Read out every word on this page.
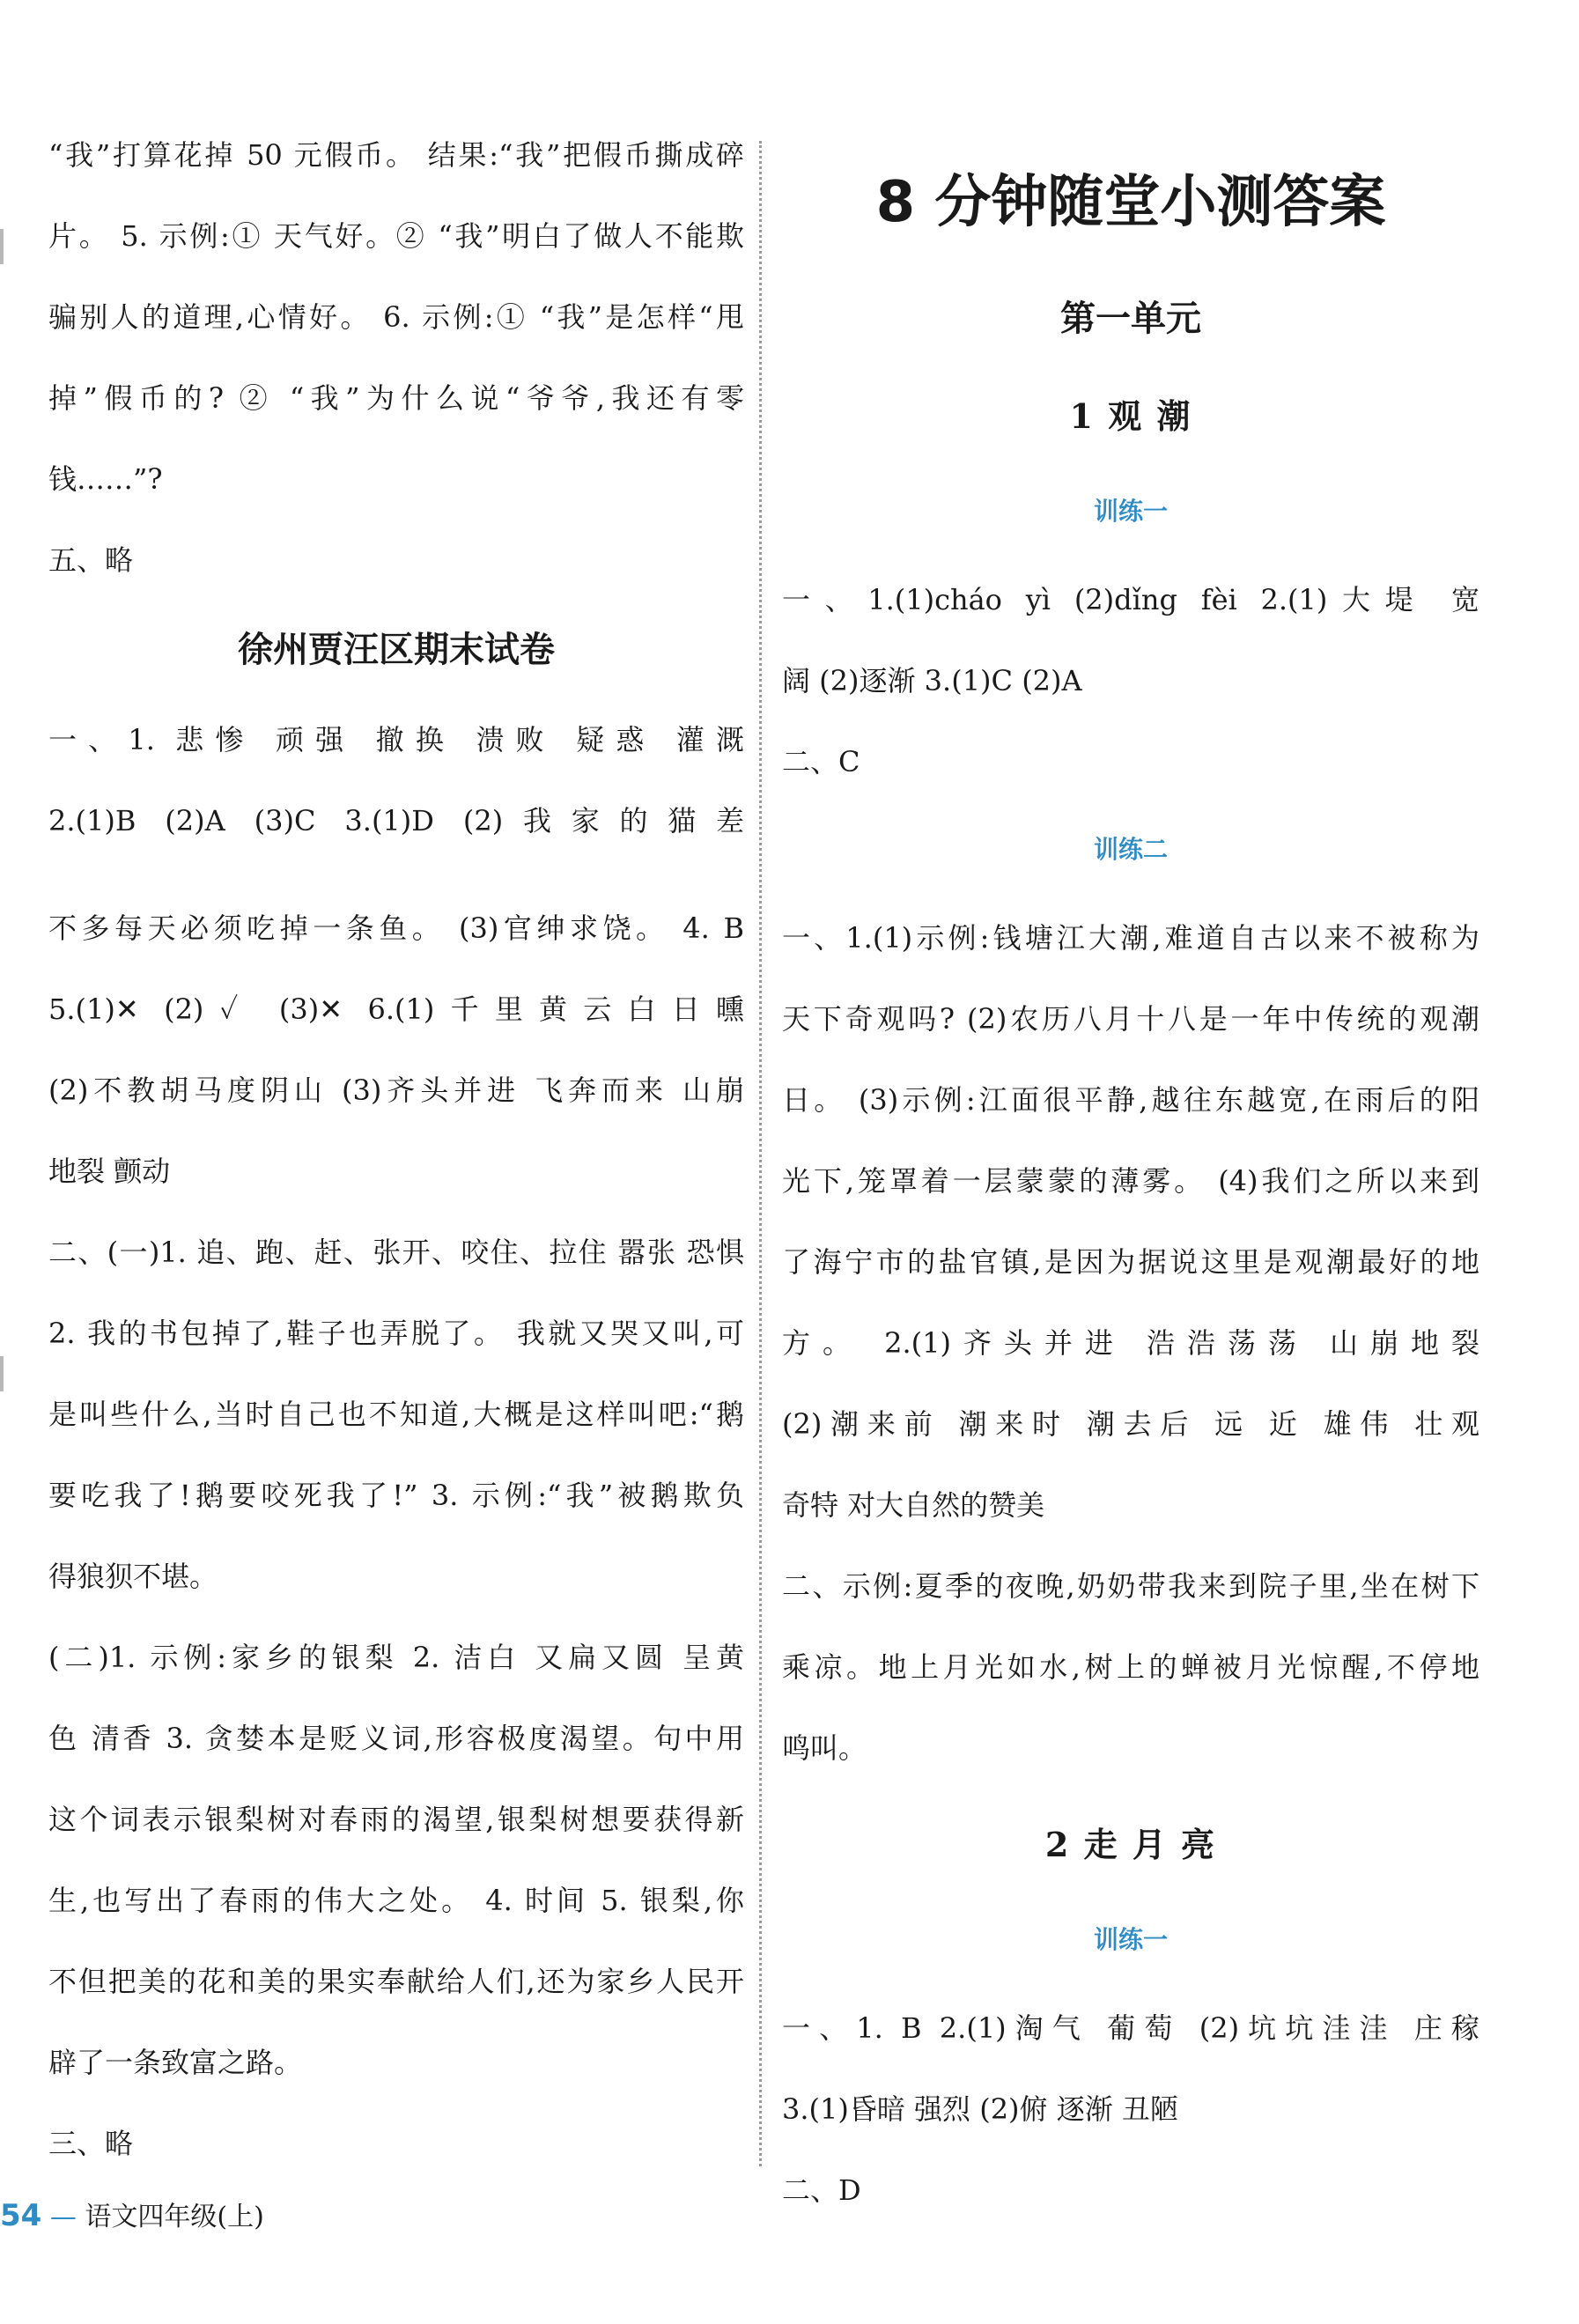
“我”打算花掉 50 元假币。 结果:“我”把假币撕成碎
片。 5. 示例:① 天气好。② “我”明白了做人不能欺
骗别人的道理,心情好。 6. 示例:① “我”是怎样“甩
掉”假币的? ② “我”为什么说“爷爷,我还有零
钱……”?
五、略
徐州贾汪区期末试卷
一、1. 悲惨 顽强 撤换 溃败 疑惑 灌溉
2.(1)B (2)A (3)C 3.(1)D (2)我家的猫差
不多每天必须吃掉一条鱼。 (3)官绅求饶。 4. B
5.(1)✕ (2)✓ (3)✕ 6.(1)千里黄云白日曛
(2)不教胡马度阴山 (3)齐头并进 飞奔而来 山崩
地裂 颤动
二、(一)1. 追、跑、赶、张开、咬住、拉住 嚣张 恐惧
2. 我的书包掉了,鞋子也弄脱了。 我就又哭又叫,可
是叫些什么,当时自己也不知道,大概是这样叫吧:“鹅
要吃我了!鹅要咬死我了!” 3. 示例:“我”被鹅欺负
得狼狈不堪。
(二)1. 示例:家乡的银梨 2. 洁白 又扁又圆 呈黄
色 清香 3. 贪婪本是贬义词,形容极度渴望。句中用
这个词表示银梨树对春雨的渴望,银梨树想要获得新
生,也写出了春雨的伟大之处。 4. 时间 5. 银梨,你
不但把美的花和美的果实奉献给人们,还为家乡人民开
辟了一条致富之路。
三、略
8 分钟随堂小测答案
第一单元
1 观 潮
训练一
一、1.(1)cháo yì (2)dǐng fèi 2.(1)大堤 宽
阔 (2)逐渐 3.(1)C (2)A
二、C
训练二
一、1.(1)示例:钱塘江大潮,难道自古以来不被称为
天下奇观吗? (2)农历八月十八是一年中传统的观潮
日。 (3)示例:江面很平静,越往东越宽,在雨后的阳
光下,笼罩着一层蒙蒙的薄雾。 (4)我们之所以来到
了海宁市的盐官镇,是因为据说这里是观潮最好的地
方。 2.(1)齐头并进 浩浩荡荡 山崩地裂
(2)潮来前 潮来时 潮去后 远 近 雄伟 壮观
奇特 对大自然的赞美
二、示例:夏季的夜晚,奶奶带我来到院子里,坐在树下
乘凉。地上月光如水,树上的蝉被月光惊醒,不停地
鸣叫。
2 走 月 亮
训练一
一、1. B 2.(1)淘气 葡萄 (2)坑坑洼洼 庄稼
3.(1)昏暗 强烈 (2)俯 逐渐 丑陋
二、D
54 — 语文四年级(上)
